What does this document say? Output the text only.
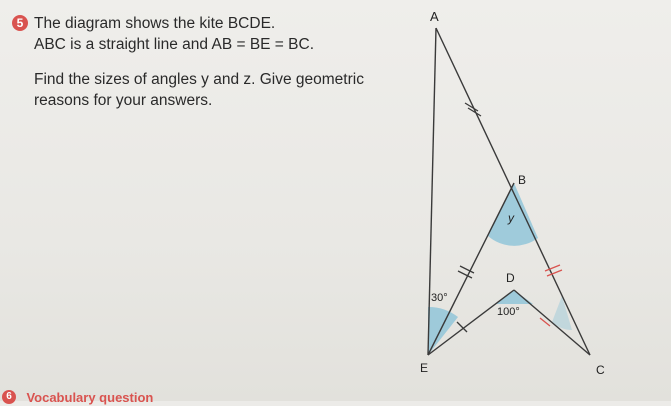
5 The diagram shows the kite BCDE.

ABC is a straight line and AB = BE = BC.

Find the sizes of angles y and z. Give geometric

reasons for your answers.

A
B
C
D
E
30°
100°
y
6 $^{Vocabulary question}$
